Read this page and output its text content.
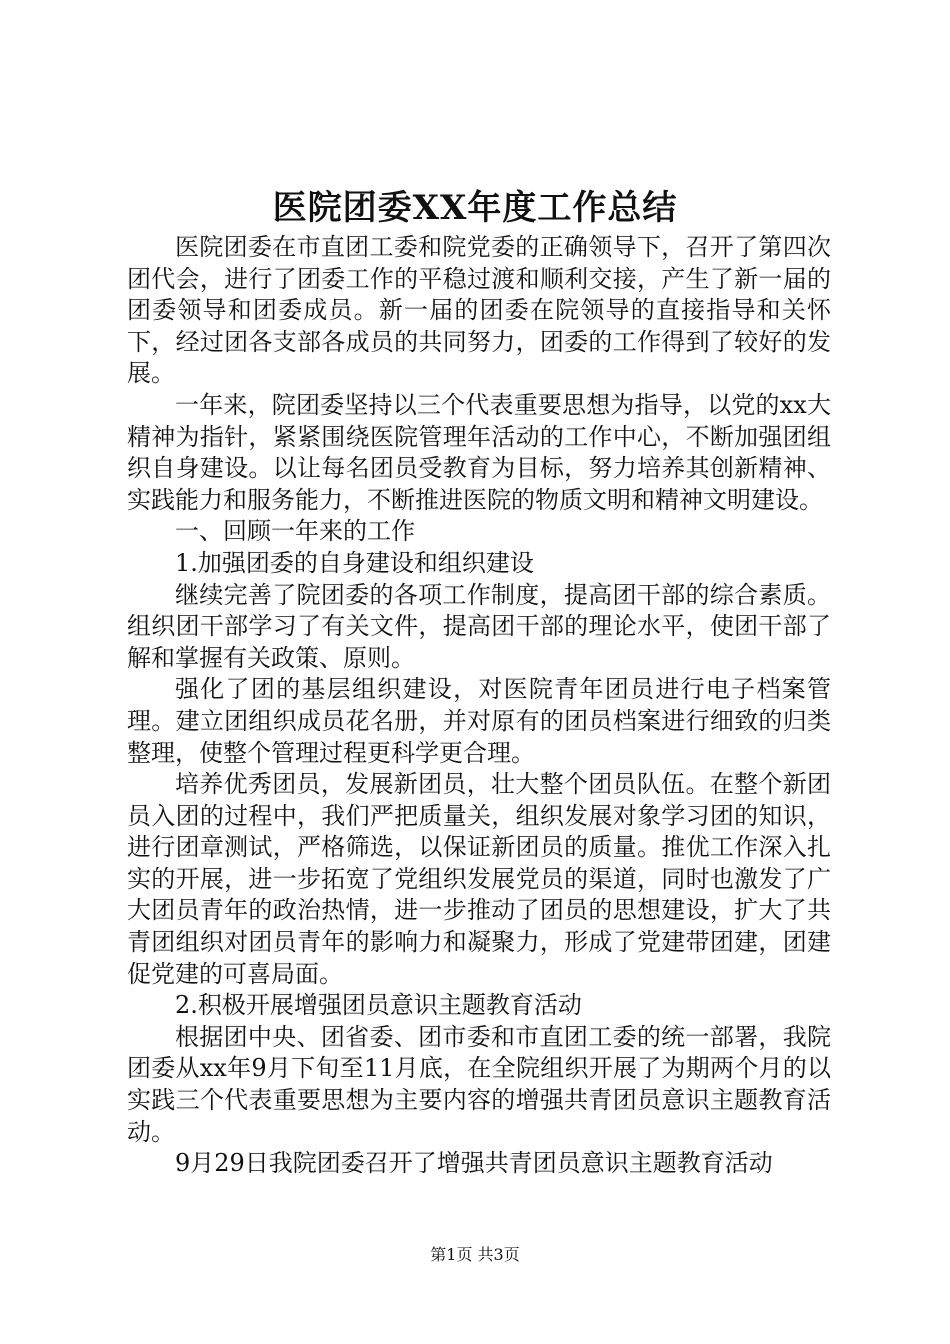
医院团委XX年度工作总结

医院团委在市直团工委和院党委的正确领导下，召开了第四次团代会，进行了团委工作的平稳过渡和顺利交接，产生了新一届的团委领导和团委成员。新一届的团委在院领导的直接指导和关怀下，经过团各支部各成员的共同努力，团委的工作得到了较好的发展。

一年来，院团委坚持以三个代表重要思想为指导，以党的xx大精神为指针，紧紧围绕医院管理年活动的工作中心，不断加强团组织自身建设。以让每名团员受教育为目标，努力培养其创新精神、实践能力和服务能力，不断推进医院的物质文明和精神文明建设。

一、回顾一年来的工作

1.加强团委的自身建设和组织建设

继续完善了院团委的各项工作制度，提高团干部的综合素质。组织团干部学习了有关文件，提高团干部的理论水平，使团干部了解和掌握有关政策、原则。

强化了团的基层组织建设，对医院青年团员进行电子档案管理。建立团组织成员花名册，并对原有的团员档案进行细致的归类整理，使整个管理过程更科学更合理。

培养优秀团员，发展新团员，壮大整个团员队伍。在整个新团员入团的过程中，我们严把质量关，组织发展对象学习团的知识，进行团章测试，严格筛选，以保证新团员的质量。推优工作深入扎实的开展，进一步拓宽了党组织发展党员的渠道，同时也激发了广大团员青年的政治热情，进一步推动了团员的思想建设，扩大了共青团组织对团员青年的影响力和凝聚力，形成了党建带团建，团建促党建的可喜局面。

2.积极开展增强团员意识主题教育活动

根据团中央、团省委、团市委和市直团工委的统一部署，我院团委从xx年9月下旬至11月底，在全院组织开展了为期两个月的以实践三个代表重要思想为主要内容的增强共青团员意识主题教育活动。

9月29日我院团委召开了增强共青团员意识主题教育活动

第1页 共3页
